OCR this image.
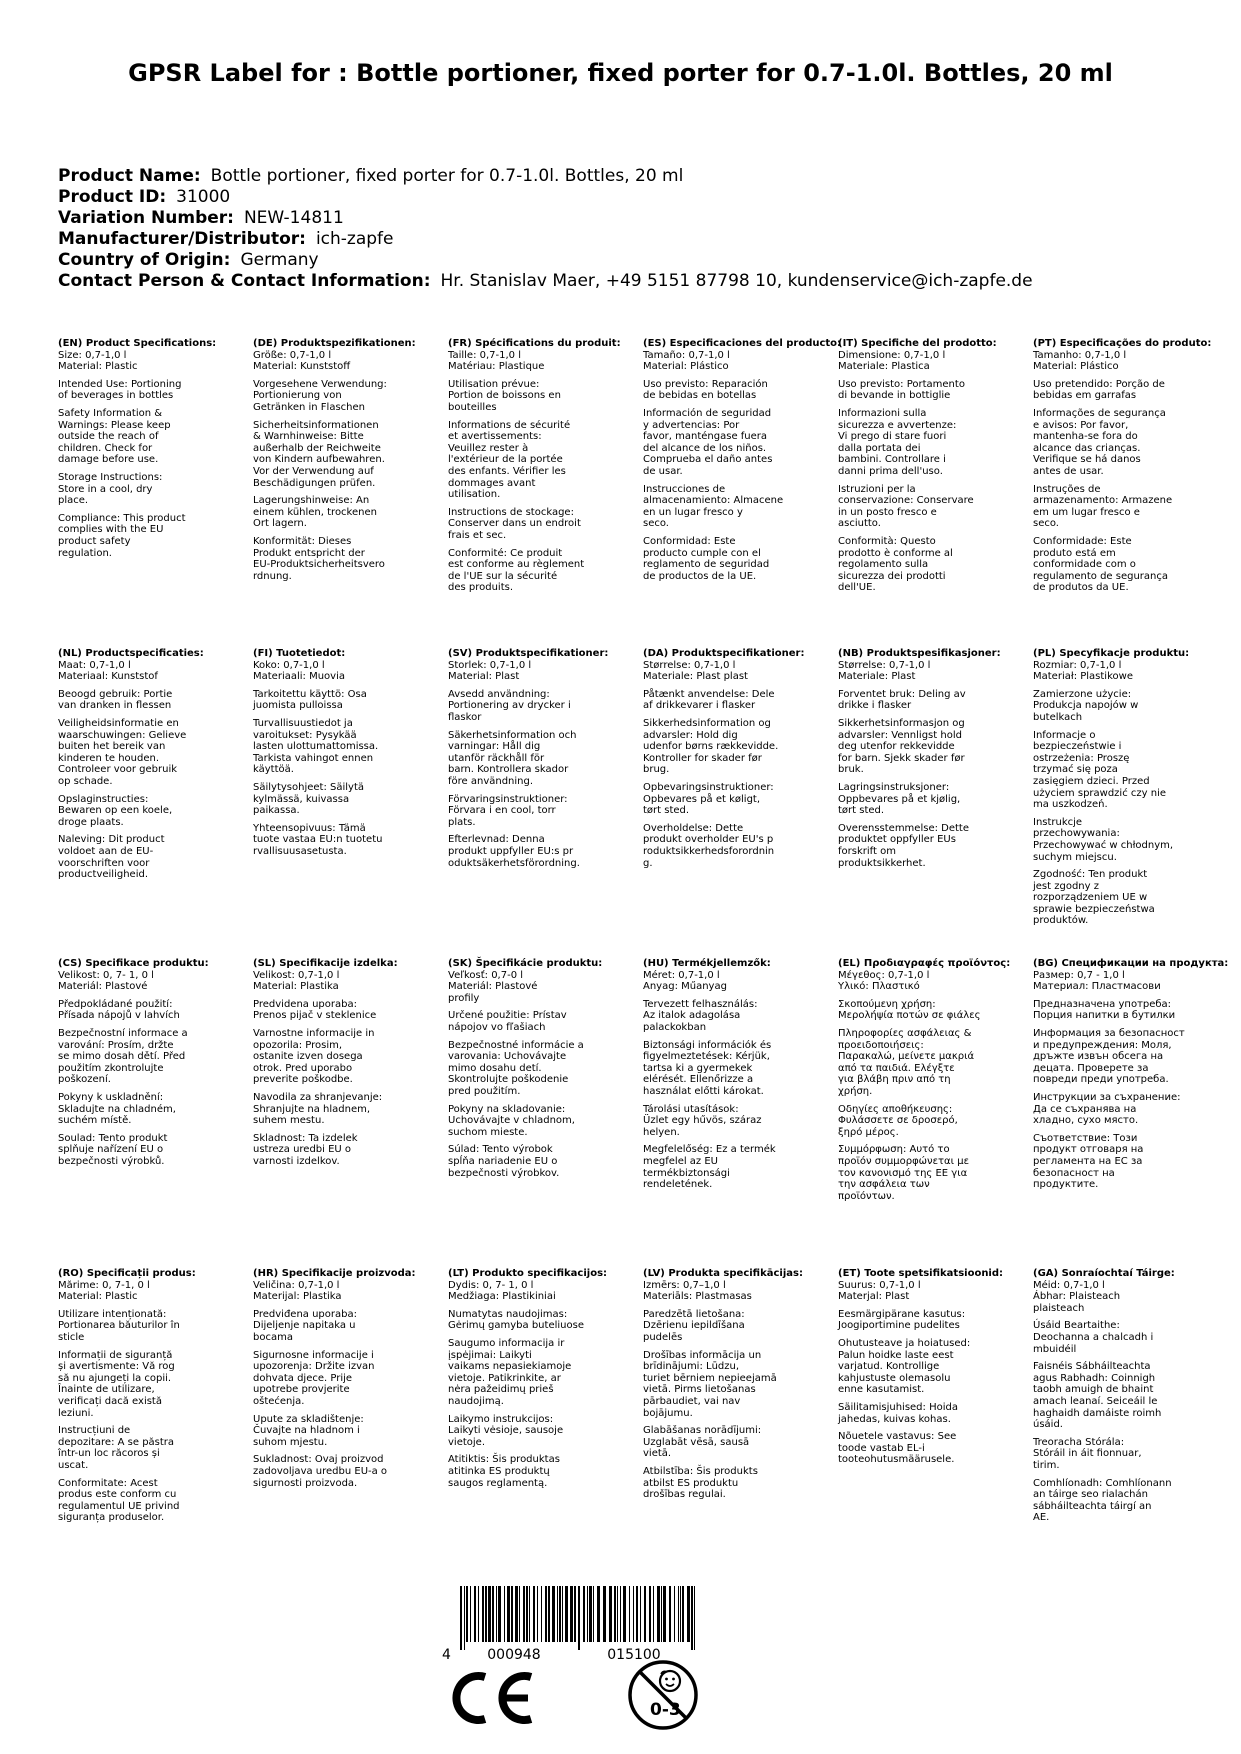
GPSR Label for : Bottle portioner, fixed porter for 0.7-1.0l. Bottles, 20 ml
Product Name: Bottle portioner, fixed porter for 0.7-1.0l. Bottles, 20 ml
Product ID: 31000
Variation Number: NEW-14811
Manufacturer/Distributor: ich-zapfe
Country of Origin: Germany
Contact Person & Contact Information: Hr. Stanislav Maer, +49 5151 87798 10, kundenservice@ich-zapfe.de
(EN) Product Specifications:
Size: 0,7-1,0 l
Material: Plastic
Intended Use: Portioning
of beverages in bottles
Safety Information &
Warnings: Please keep
outside the reach of
children. Check for
damage before use.
Storage Instructions:
Store in a cool, dry
place.
Compliance: This product
complies with the EU
product safety
regulation.
(DE) Produktspezifikationen:
Größe: 0,7-1,0 l
Material: Kunststoff
Vorgesehene Verwendung:
Portionierung von
Getränken in Flaschen
Sicherheitsinformationen
& Warnhinweise: Bitte
außerhalb der Reichweite
von Kindern aufbewahren.
Vor der Verwendung auf
Beschädigungen prüfen.
Lagerungshinweise: An
einem kühlen, trockenen
Ort lagern.
Konformität: Dieses
Produkt entspricht der
EU-Produktsicherheitsvero
rdnung.
(FR) Spécifications du produit:
Taille: 0,7-1,0 l
Matériau: Plastique
Utilisation prévue:
Portion de boissons en
bouteilles
Informations de sécurité
et avertissements:
Veuillez rester à
l'extérieur de la portée
des enfants. Vérifier les
dommages avant
utilisation.
Instructions de stockage:
Conserver dans un endroit
frais et sec.
Conformité: Ce produit
est conforme au règlement
de l'UE sur la sécurité
des produits.
(ES) Especificaciones del producto:
Tamaño: 0,7-1,0 l
Material: Plástico
Uso previsto: Reparación
de bebidas en botellas
Información de seguridad
y advertencias: Por
favor, manténgase fuera
del alcance de los niños.
Comprueba el daño antes
de usar.
Instrucciones de
almacenamiento: Almacene
en un lugar fresco y
seco.
Conformidad: Este
producto cumple con el
reglamento de seguridad
de productos de la UE.
(IT) Specifiche del prodotto:
Dimensione: 0,7-1,0 l
Materiale: Plastica
Uso previsto: Portamento
di bevande in bottiglie
Informazioni sulla
sicurezza e avvertenze:
Vi prego di stare fuori
dalla portata dei
bambini. Controllare i
danni prima dell'uso.
Istruzioni per la
conservazione: Conservare
in un posto fresco e
asciutto.
Conformità: Questo
prodotto è conforme al
regolamento sulla
sicurezza dei prodotti
dell'UE.
(PT) Especificações do produto:
Tamanho: 0,7-1,0 l
Material: Plástico
Uso pretendido: Porção de
bebidas em garrafas
Informações de segurança
e avisos: Por favor,
mantenha-se fora do
alcance das crianças.
Verifique se há danos
antes de usar.
Instruções de
armazenamento: Armazene
em um lugar fresco e
seco.
Conformidade: Este
produto está em
conformidade com o
regulamento de segurança
de produtos da UE.
(NL) Productspecificaties:
Maat: 0,7-1,0 l
Materiaal: Kunststof
Beoogd gebruik: Portie
van dranken in flessen
Veiligheidsinformatie en
waarschuwingen: Gelieve
buiten het bereik van
kinderen te houden.
Controleer voor gebruik
op schade.
Opslaginstructies:
Bewaren op een koele,
droge plaats.
Naleving: Dit product
voldoet aan de EU-
voorschriften voor
productveiligheid.
(FI) Tuotetiedot:
Koko: 0,7-1,0 l
Materiaali: Muovia
Tarkoitettu käyttö: Osa
juomista pulloissa
Turvallisuustiedot ja
varoitukset: Pysykää
lasten ulottumattomissa.
Tarkista vahingot ennen
käyttöä.
Säilytysohjeet: Säilytä
kylmässä, kuivassa
paikassa.
Yhteensopivuus: Tämä
tuote vastaa EU:n tuotetu
rvallisuusasetusta.
(SV) Produktspecifikationer:
Storlek: 0,7-1,0 l
Material: Plast
Avsedd användning:
Portionering av drycker i
flaskor
Säkerhetsinformation och
varningar: Håll dig
utanför räckhåll för
barn. Kontrollera skador
före användning.
Förvaringsinstruktioner:
Förvara i en cool, torr
plats.
Efterlevnad: Denna
produkt uppfyller EU:s pr
oduktsäkerhetsförordning.
(DA) Produktspecifikationer:
Størrelse: 0,7-1,0 l
Materiale: Plast plast
Påtænkt anvendelse: Dele
af drikkevarer i flasker
Sikkerhedsinformation og
advarsler: Hold dig
udenfor børns rækkevidde.
Kontroller for skader før
brug.
Opbevaringsinstruktioner:
Opbevares på et køligt,
tørt sted.
Overholdelse: Dette
produkt overholder EU's p
roduktsikkerhedsforordnin
g.
(NB) Produktspesifikasjoner:
Størrelse: 0,7-1,0 l
Materiale: Plast
Forventet bruk: Deling av
drikke i flasker
Sikkerhetsinformasjon og
advarsler: Vennligst hold
deg utenfor rekkevidde
for barn. Sjekk skader før
bruk.
Lagringsinstruksjoner:
Oppbevares på et kjølig,
tørt sted.
Overensstemmelse: Dette
produktet oppfyller EUs
forskrift om
produktsikkerhet.
(PL) Specyfikacje produktu:
Rozmiar: 0,7-1,0 l
Materiał: Plastikowe
Zamierzone użycie:
Produkcja napojów w
butelkach
Informacje o
bezpieczeństwie i
ostrzeżenia: Proszę
trzymać się poza
zasięgiem dzieci. Przed
użyciem sprawdzić czy nie
ma uszkodzeń.
Instrukcje
przechowywania:
Przechowywać w chłodnym,
suchym miejscu.
Zgodność: Ten produkt
jest zgodny z
rozporządzeniem UE w
sprawie bezpieczeństwa
produktów.
(CS) Specifikace produktu:
Velikost: 0, 7- 1, 0 l
Materiál: Plastové
Předpokládané použití:
Přísada nápojů v lahvích
Bezpečnostní informace a
varování: Prosím, držte
se mimo dosah dětí. Před
použitím zkontrolujte
poškození.
Pokyny k uskladnění:
Skladujte na chladném,
suchém místě.
Soulad: Tento produkt
splňuje nařízení EU o
bezpečnosti výrobků.
(SL) Specifikacije izdelka:
Velikost: 0,7-1,0 l
Material: Plastika
Predvidena uporaba:
Prenos pijač v steklenice
Varnostne informacije in
opozorila: Prosim,
ostanite izven dosega
otrok. Pred uporabo
preverite poškodbe.
Navodila za shranjevanje:
Shranjujte na hladnem,
suhem mestu.
Skladnost: Ta izdelek
ustreza uredbi EU o
varnosti izdelkov.
(SK) Špecifikácie produktu:
Veľkosť: 0,7-0 l
Materiál: Plastové
profily
Určené použitie: Prístav
nápojov vo fľašiach
Bezpečnostné informácie a
varovania: Uchovávajte
mimo dosahu detí.
Skontrolujte poškodenie
pred použitím.
Pokyny na skladovanie:
Uchovávajte v chladnom,
suchom mieste.
Súlad: Tento výrobok
spĺňa nariadenie EU o
bezpečnosti výrobkov.
(HU) Termékjellemzők:
Méret: 0,7-1,0 l
Anyag: Műanyag
Tervezett felhasználás:
Az italok adagolása
palackokban
Biztonsági információk és
figyelmeztetések: Kérjük,
tartsa ki a gyermekek
elérését. Ellenőrizze a
használat előtti károkat.
Tárolási utasítások:
Üzlet egy hűvös, száraz
helyen.
Megfelelőség: Ez a termék
megfelel az EU
termékbiztonsági
rendeletének.
(EL) Προδιαγραφές προϊόντος:
Μέγεθος: 0,7-1,0 l
Υλικό: Πλαστικό
Σκοπούμενη χρήση:
Μερολήψία ποτών σε φιάλες
Πληροφορίες ασφάλειας &
προειδοποιήσεις:
Παρακαλώ, μείνετε μακριά
από τα παιδιά. Ελέγξτε
για βλάβη πριν από τη
χρήση.
Οδηγίες αποθήκευσης:
Φυλάσσετε σε δροσερό,
ξηρό μέρος.
Συμμόρφωση: Αυτό το
προϊόν συμμορφώνεται με
τον κανονισμό της ΕΕ για
την ασφάλεια των
προϊόντων.
(BG) Спецификации на продукта:
Размер: 0,7 - 1,0 l
Материал: Пластмасови
Предназначена употреба:
Порция напитки в бутилки
Информация за безопасност
и предупреждения: Моля,
дръжте извън обсега на
децата. Проверете за
повреди преди употреба.
Инструкции за съхранение:
Да се съхранява на
хладно, сухо място.
Съответствие: Този
продукт отговаря на
регламента на ЕС за
безопасност на
продуктите.
(RO) Specificații produs:
Mărime: 0, 7-1, 0 l
Material: Plastic
Utilizare intenționată:
Portionarea băuturilor în
sticle
Informații de siguranță
și avertismente: Vă rog
să nu ajungeți la copii.
Înainte de utilizare,
verificați dacă există
leziuni.
Instrucțiuni de
depozitare: A se păstra
într-un loc răcoros și
uscat.
Conformitate: Acest
produs este conform cu
regulamentul UE privind
siguranța produselor.
(HR) Specifikacije proizvoda:
Veličina: 0,7-1,0 l
Materijal: Plastika
Predviđena uporaba:
Dijeljenje napitaka u
bocama
Sigurnosne informacije i
upozorenja: Držite izvan
dohvata djece. Prije
upotrebe provjerite
oštećenja.
Upute za skladištenje:
Čuvajte na hladnom i
suhom mjestu.
Sukladnost: Ovaj proizvod
zadovoljava uredbu EU-a o
sigurnosti proizvoda.
(LT) Produkto specifikacijos:
Dydis: 0, 7- 1, 0 l
Medžiaga: Plastikiniai
Numatytas naudojimas:
Gėrimų gamyba buteliuose
Saugumo informacija ir
įspėjimai: Laikyti
vaikams nepasiekiamoje
vietoje. Patikrinkite, ar
nėra pažeidimų prieš
naudojimą.
Laikymo instrukcijos:
Laikyti vėsioje, sausoje
vietoje.
Atitiktis: Šis produktas
atitinka ES produktų
saugos reglamentą.
(LV) Produkta specifikācijas:
Izmērs: 0,7–1,0 l
Materiāls: Plastmasas
Paredzētā lietošana:
Dzērienu iepildīšana
pudelēs
Drošības informācija un
brīdinājumi: Lūdzu,
turiet bērniem nepieejamā
vietā. Pirms lietošanas
pārbaudiet, vai nav
bojājumu.
Glabāšanas norādījumi:
Uzglabāt vēsā, sausā
vietā.
Atbilstība: Šis produkts
atbilst ES produktu
drošības regulai.
(ET) Toote spetsifikatsioonid:
Suurus: 0,7-1,0 l
Materjal: Plast
Eesmärgipärane kasutus:
Joogiportimine pudelites
Ohutusteave ja hoiatused:
Palun hoidke laste eest
varjatud. Kontrollige
kahjustuste olemasolu
enne kasutamist.
Säilitamisjuhised: Hoida
jahedas, kuivas kohas.
Nõuetele vastavus: See
toode vastab EL-i
tooteohutusmäärusele.
(GA) Sonraíochtaí Táirge:
Méid: 0,7-1,0 l
Ábhar: Plaisteach
plaisteach
Úsáid Beartaithe:
Deochanna a chalcadh i
mbuidéil
Faisnéis Sábháilteachta
agus Rabhadh: Coinnigh
taobh amuigh de bhaint
amach leanaí. Seiceáil le
haghaidh damáiste roimh
úsáid.
Treoracha Stórála:
Stóráil in áit fionnuar,
tirim.
Comhlíonadh: Comhlíonann
an táirge seo rialachán
sábháilteachta táirgí an
AE.
4	000948	015100
0-3
